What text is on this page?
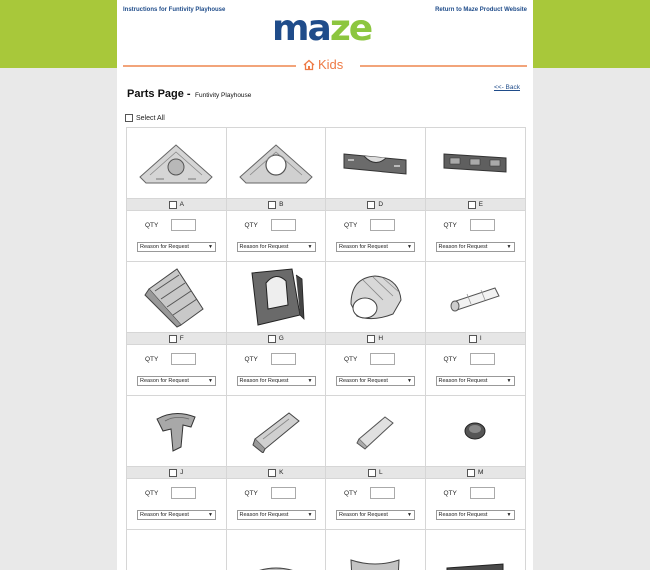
Instructions for Funtivity Playhouse	Return to Maze Product Website
maze
Kids
Parts Page - Funtivity Playhouse
<<- Back
Select All
A
QTY
Reason for Request	▼
B
QTY
Reason for Request	▼
D
QTY
Reason for Request	▼
E
QTY
Reason for Request	▼
F
QTY
Reason for Request	▼
G
QTY
Reason for Request	▼
H
QTY
Reason for Request	▼
I
QTY
Reason for Request	▼
J
QTY
Reason for Request	▼
K
QTY
Reason for Request	▼
L
QTY
Reason for Request	▼
M
QTY
Reason for Request	▼
